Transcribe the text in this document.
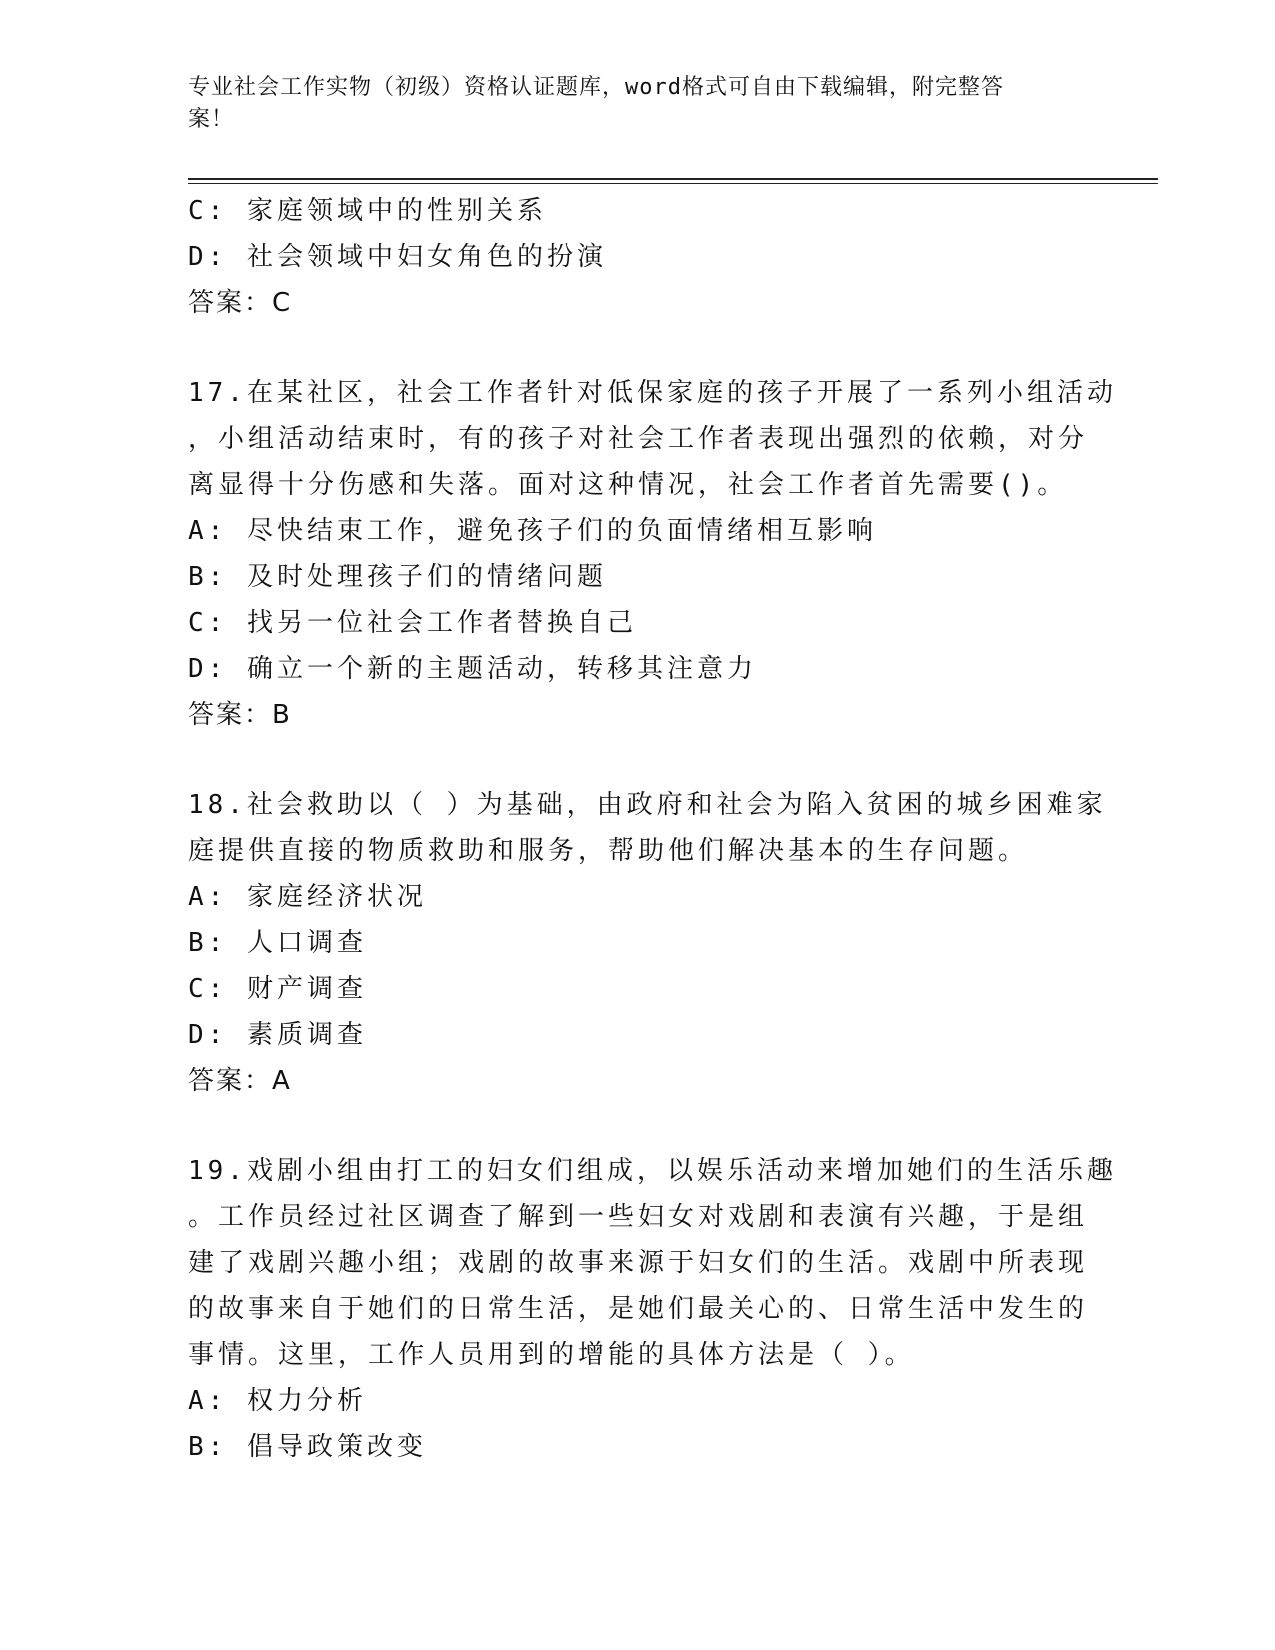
专业社会工作实物（初级）资格认证题库，word格式可自由下载编辑，附完整答
案！
C: 家庭领域中的性别关系
D: 社会领域中妇女角色的扮演
答案：C
17.在某社区，社会工作者针对低保家庭的孩子开展了一系列小组活动
，小组活动结束时，有的孩子对社会工作者表现出强烈的依赖，对分
离显得十分伤感和失落。面对这种情况，社会工作者首先需要()。
A: 尽快结束工作，避免孩子们的负面情绪相互影响
B: 及时处理孩子们的情绪问题
C: 找另一位社会工作者替换自己
D: 确立一个新的主题活动，转移其注意力
答案：B
18.社会救助以（ ）为基础，由政府和社会为陷入贫困的城乡困难家
庭提供直接的物质救助和服务，帮助他们解决基本的生存问题。
A: 家庭经济状况
B: 人口调查
C: 财产调查
D: 素质调查
答案：A
19.戏剧小组由打工的妇女们组成，以娱乐活动来增加她们的生活乐趣
。工作员经过社区调查了解到一些妇女对戏剧和表演有兴趣，于是组
建了戏剧兴趣小组；戏剧的故事来源于妇女们的生活。戏剧中所表现
的故事来自于她们的日常生活，是她们最关心的、日常生活中发生的
事情。这里，工作人员用到的增能的具体方法是（ ）。
A: 权力分析
B: 倡导政策改变
